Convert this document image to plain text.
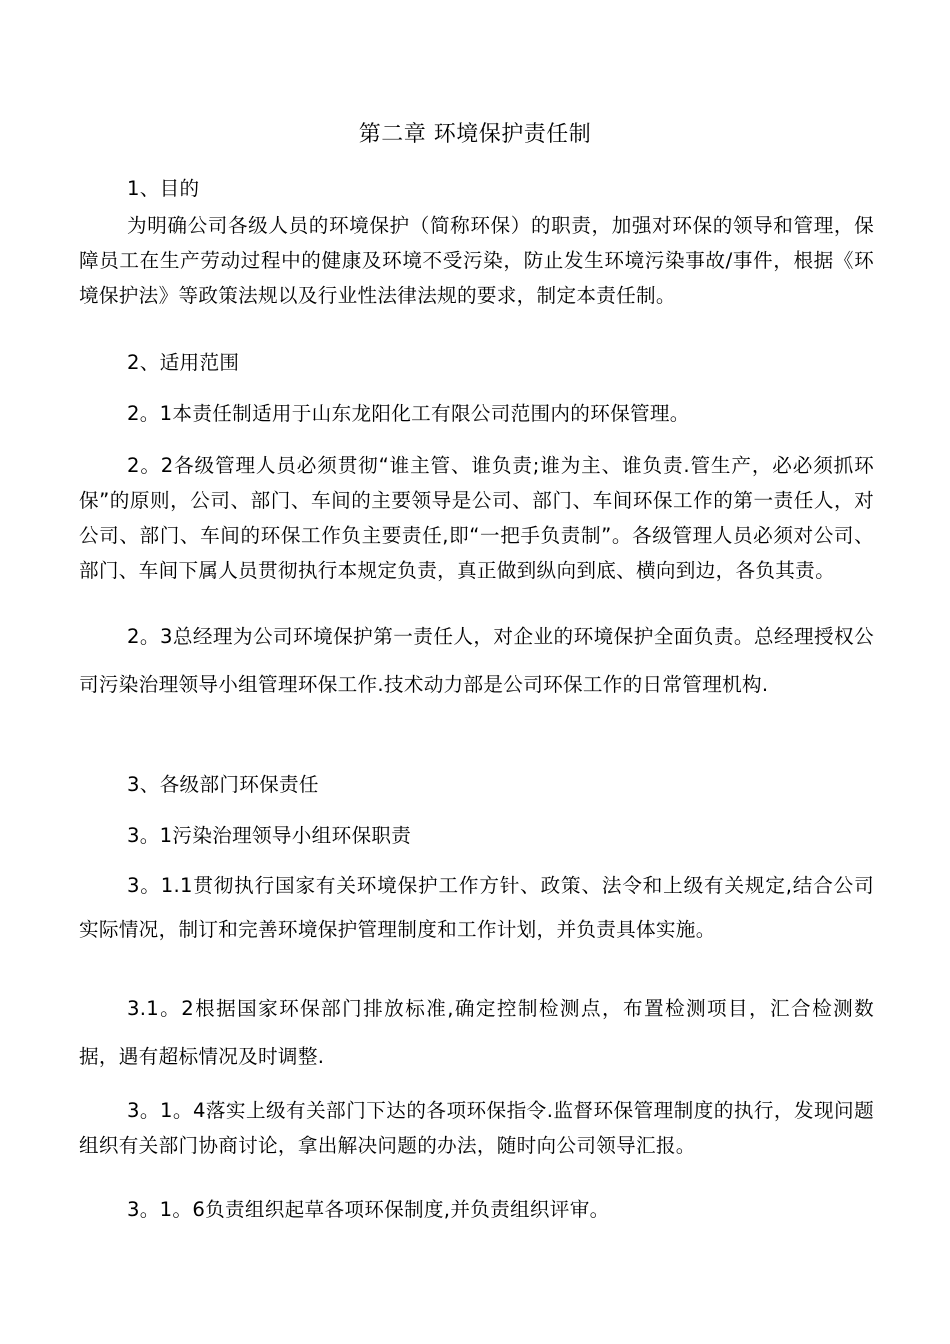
第二章 环境保护责任制
1、目的
为明确公司各级人员的环境保护（简称环保）的职责，加强对环保的领导和管理，保障员工在生产劳动过程中的健康及环境不受污染，防止发生环境污染事故/事件，根据《环境保护法》等政策法规以及行业性法律法规的要求，制定本责任制。
2、适用范围
2。1本责任制适用于山东龙阳化工有限公司范围内的环保管理。
2。2各级管理人员必须贯彻“谁主管、谁负责;谁为主、谁负责.管生产，必必须抓环保”的原则，公司、部门、车间的主要领导是公司、部门、车间环保工作的第一责任人，对公司、部门、车间的环保工作负主要责任,即“一把手负责制”。各级管理人员必须对公司、部门、车间下属人员贯彻执行本规定负责，真正做到纵向到底、横向到边，各负其责。
2。3总经理为公司环境保护第一责任人，对企业的环境保护全面负责。总经理授权公司污染治理领导小组管理环保工作.技术动力部是公司环保工作的日常管理机构.
3、各级部门环保责任
3。1污染治理领导小组环保职责
3。1.1贯彻执行国家有关环境保护工作方针、政策、法令和上级有关规定,结合公司实际情况，制订和完善环境保护管理制度和工作计划，并负责具体实施。
3.1。2根据国家环保部门排放标准,确定控制检测点，布置检测项目，汇合检测数据，遇有超标情况及时调整.
3。1。4落实上级有关部门下达的各项环保指令.监督环保管理制度的执行，发现问题组织有关部门协商讨论，拿出解决问题的办法，随时向公司领导汇报。
3。1。6负责组织起草各项环保制度,并负责组织评审。
